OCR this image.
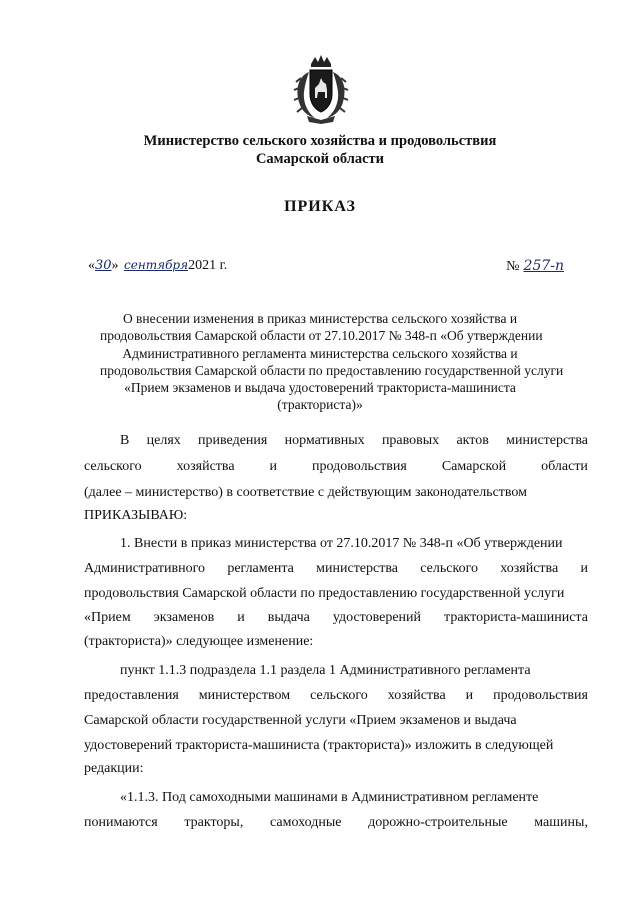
Министерство сельского хозяйства и продовольствия
Самарской области
ПРИКАЗ
«30» сентября2021 г.	№ 257-п
О внесении изменения в приказ министерства сельского хозяйства и
продовольствия Самарской области от 27.10.2017 № 348-п «Об утверждении
Административного регламента министерства сельского хозяйства и
продовольствия Самарской области по предоставлению государственной услуги
«Прием экзаменов и выдача удостоверений тракториста-машиниста
(тракториста)»
В целях приведения нормативных правовых актов министерства
сельского хозяйства и продовольствия Самарской области
(далее – министерство) в соответствие с действующим законодательством
ПРИКАЗЫВАЮ:
1. Внести в приказ министерства от 27.10.2017 № 348-п «Об утверждении
Административного регламента министерства сельского хозяйства и
продовольствия Самарской области по предоставлению государственной услуги
«Прием экзаменов и выдача удостоверений тракториста-машиниста
(тракториста)» следующее изменение:
пункт 1.1.3 подраздела 1.1 раздела 1 Административного регламента
предоставления министерством сельского хозяйства и продовольствия
Самарской области государственной услуги «Прием экзаменов и выдача
удостоверений тракториста-машиниста (тракториста)» изложить в следующей
редакции:
«1.1.3. Под самоходными машинами в Административном регламенте
понимаются тракторы, самоходные дорожно-строительные машины,
